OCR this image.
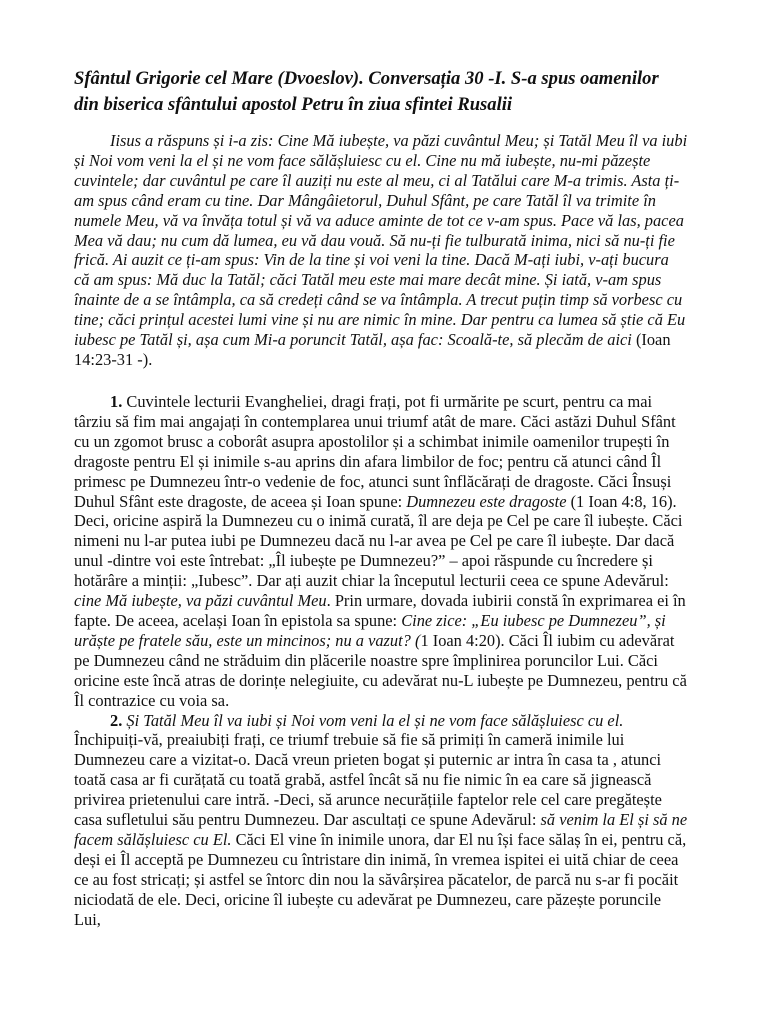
Sfântul Grigorie cel Mare (Dvoeslov). Conversația 30 -I. S-a spus oamenilor din biserica sfântului apostol Petru în ziua sfintei Rusalii

Iisus a răspuns și i-a zis: Cine Mă iubește, va păzi cuvântul Meu; și Tatăl Meu îl va iubi și Noi vom veni la el și ne vom face sălășluiesc cu el. Cine nu mă iubește, nu-mi păzește cuvintele; dar cuvântul pe care îl auziți nu este al meu, ci al Tatălui care M-a trimis. Asta ți-am spus când eram cu tine. Dar Mângâietorul, Duhul Sfânt, pe care Tatăl îl va trimite în numele Meu, vă va învăța totul și vă va aduce aminte de tot ce v-am spus. Pace vă las, pacea Mea vă dau; nu cum dă lumea, eu vă dau vouă. Să nu-ți fie tulburată inima, nici să nu-ți fie frică. Ai auzit ce ți-am spus: Vin de la tine și voi veni la tine. Dacă M-ați iubi, v-ați bucura că am spus: Mă duc la Tatăl; căci Tatăl meu este mai mare decât mine. Și iată, v-am spus înainte de a se întâmpla, ca să credeți când se va întâmpla. A trecut puțin timp să vorbesc cu tine; căci prințul acestei lumi vine și nu are nimic în mine. Dar pentru ca lumea să știe că Eu iubesc pe Tatăl și, așa cum Mi-a poruncit Tatăl, așa fac: Scoală-te, să plecăm de aici (Ioan 14:23-31 -).

1. Cuvintele lecturii Evangheliei, dragi frați, pot fi urmărite pe scurt, pentru ca mai târziu să fim mai angajați în contemplarea unui triumf atât de mare. Căci astăzi Duhul Sfânt cu un zgomot brusc a coborât asupra apostolilor și a schimbat inimile oamenilor trupești în dragoste pentru El și inimile s-au aprins din afara limbilor de foc; pentru că atunci când Îl primesc pe Dumnezeu într-o vedenie de foc, atunci sunt înflăcărați de dragoste. Căci Însuși Duhul Sfânt este dragoste, de aceea și Ioan spune: Dumnezeu este dragoste (1 Ioan 4:8, 16). Deci, oricine aspiră la Dumnezeu cu o inimă curată, îl are deja pe Cel pe care îl iubește. Căci nimeni nu l-ar putea iubi pe Dumnezeu dacă nu l-ar avea pe Cel pe care îl iubește. Dar dacă unul -dintre voi este întrebat: „Îl iubește pe Dumnezeu?” – apoi răspunde cu încredere și hotărâre a minții: „Iubesc”. Dar ați auzit chiar la începutul lecturii ceea ce spune Adevărul: cine Mă iubește, va păzi cuvântul Meu. Prin urmare, dovada iubirii constă în exprimarea ei în fapte. De aceea, același Ioan în epistola sa spune: Cine zice: „Eu iubesc pe Dumnezeu”, și urăște pe fratele său, este un mincinos; nu a vazut? (1 Ioan 4:20). Căci Îl iubim cu adevărat pe Dumnezeu când ne străduim din plăcerile noastre spre împlinirea poruncilor Lui. Căci oricine este încă atras de dorințe nelegiuite, cu adevărat nu-L iubește pe Dumnezeu, pentru că Îl contrazice cu voia sa.

2. Și Tatăl Meu îl va iubi și Noi vom veni la el și ne vom face sălășluiesc cu el. Închipuiți-vă, preaiubiți frați, ce triumf trebuie să fie să primiți în cameră inimile lui Dumnezeu care a vizitat-o. Dacă vreun prieten bogat și puternic ar intra în casa ta , atunci toată casa ar fi curățată cu toată grabă, astfel încât să nu fie nimic în ea care să jignească privirea prietenului care intră. -Deci, să arunce necurățiile faptelor rele cel care pregătește casa sufletului său pentru Dumnezeu. Dar ascultați ce spune Adevărul: să venim la El și să ne facem sălășluiesc cu El. Căci El vine în inimile unora, dar El nu își face sălaș în ei, pentru că, deși ei Îl acceptă pe Dumnezeu cu întristare din inimă, în vremea ispitei ei uită chiar de ceea ce au fost stricați; și astfel se întorc din nou la săvârșirea păcatelor, de parcă nu s-ar fi pocăit niciodată de ele. Deci, oricine îl iubește cu adevărat pe Dumnezeu, care păzește poruncile Lui,
